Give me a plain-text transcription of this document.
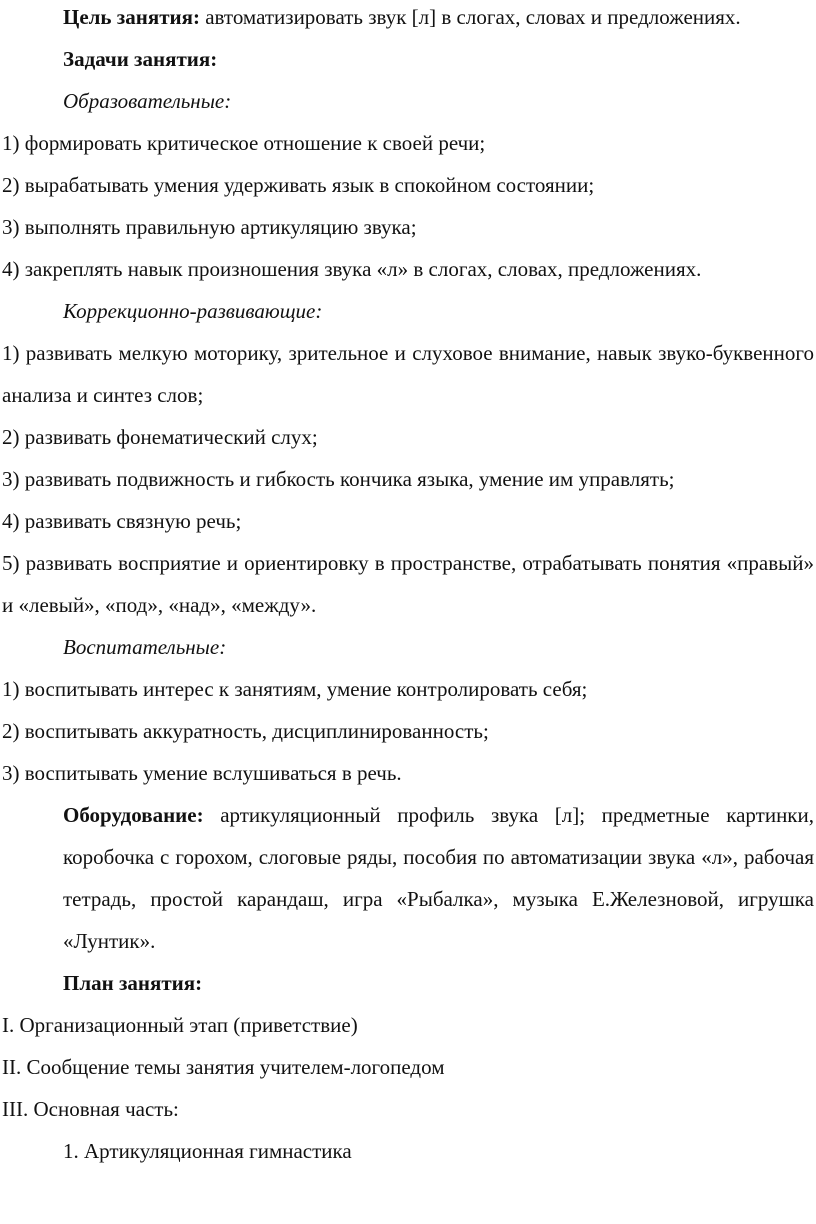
Цель занятия: автоматизировать звук [л] в слогах, словах и предложениях.

Задачи занятия:

Образовательные:

1) формировать критическое отношение к своей речи;

2) вырабатывать умения удерживать язык в спокойном состоянии;

3) выполнять правильную артикуляцию звука;

4) закреплять навык произношения звука «л» в слогах, словах, предложениях.

Коррекционно-развивающие:

1) развивать мелкую моторику, зрительное и слуховое внимание, навык звуко-буквенного анализа и синтез слов;

2) развивать фонематический слух;

3) развивать подвижность и гибкость кончика языка, умение им управлять;

4) развивать связную речь;

5) развивать восприятие и ориентировку в пространстве, отрабатывать понятия «правый» и «левый», «под», «над», «между».

Воспитательные:

1) воспитывать интерес к занятиям, умение контролировать себя;

2) воспитывать аккуратность, дисциплинированность;

3) воспитывать умение вслушиваться в речь.

Оборудование: артикуляционный профиль звука [л]; предметные картинки, коробочка с горохом, слоговые ряды, пособия по автоматизации звука «л», рабочая тетрадь, простой карандаш, игра «Рыбалка», музыка Е.Железновой, игрушка «Лунтик».

План занятия:

I. Организационный этап (приветствие)

II. Сообщение темы занятия учителем-логопедом

III. Основная часть:

1. Артикуляционная гимнастика
